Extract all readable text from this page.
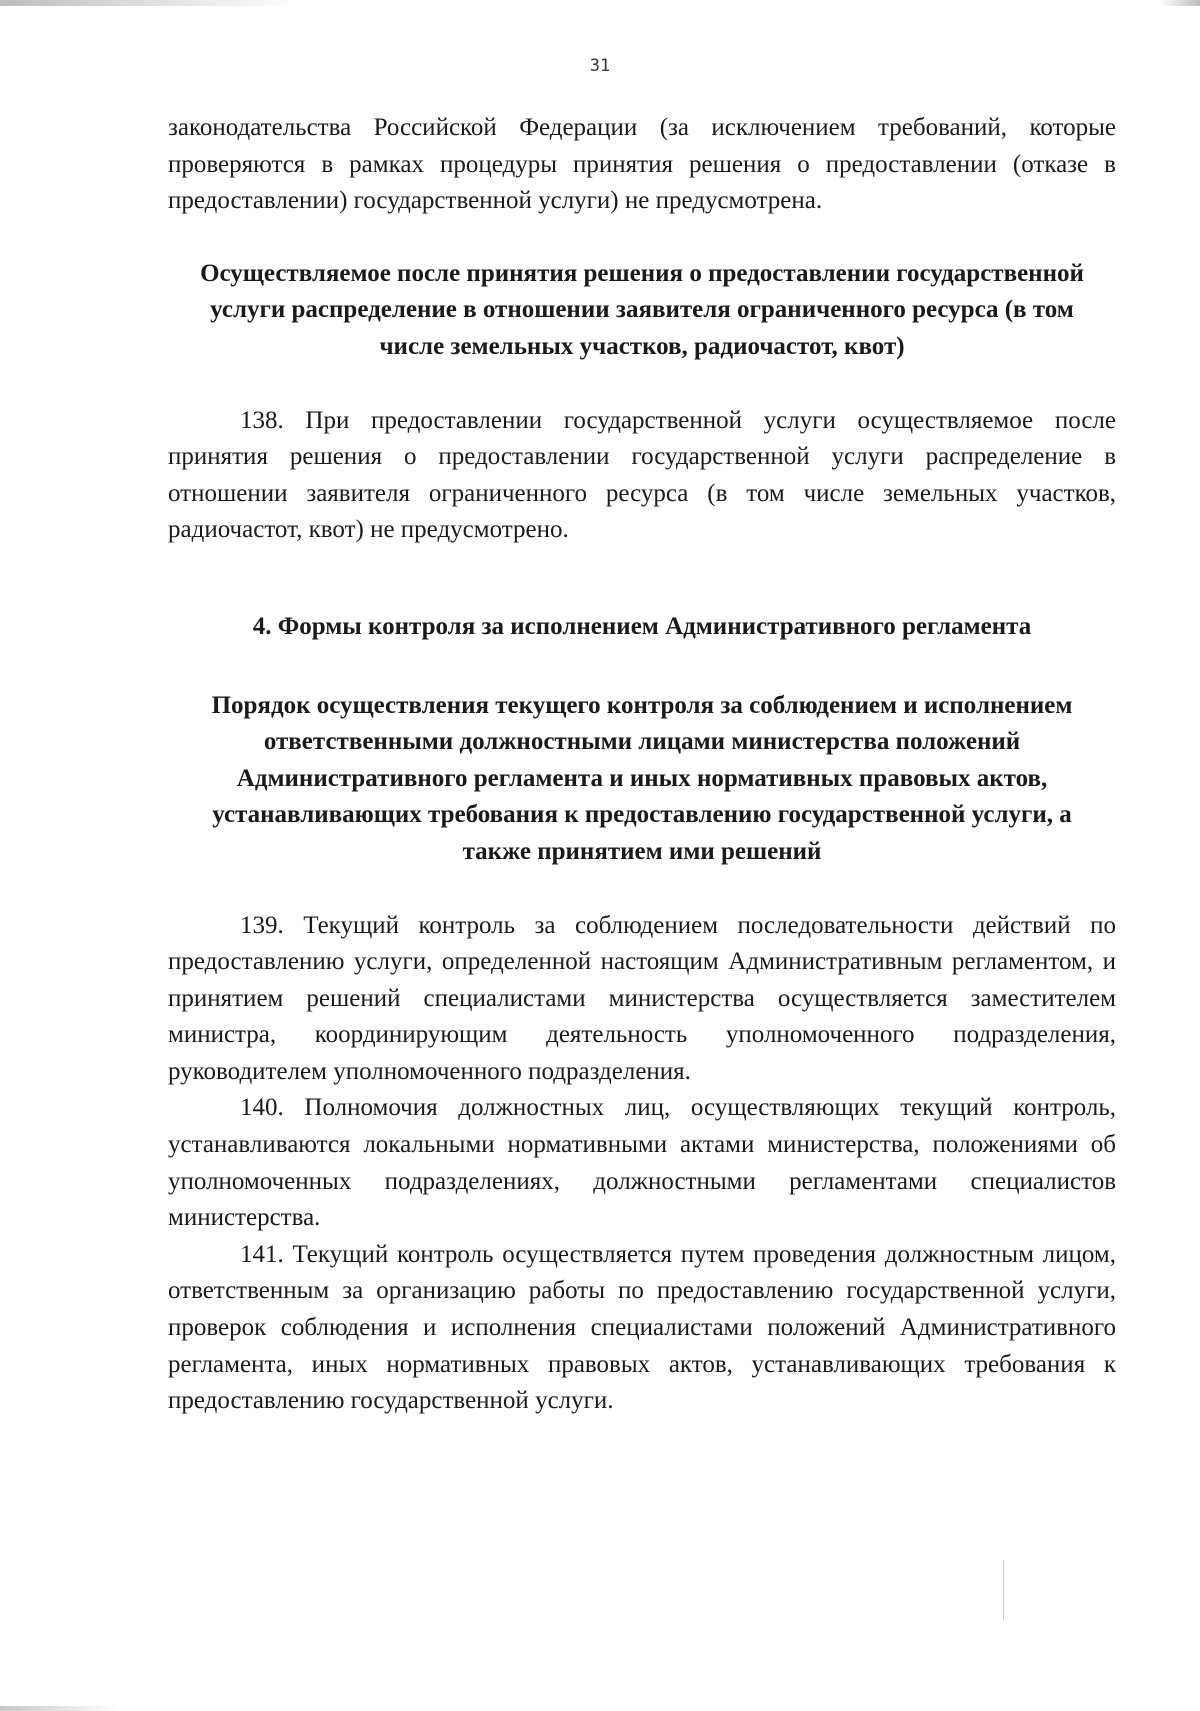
31

законодательства Российской Федерации (за исключением требований, которые проверяются в рамках процедуры принятия решения о предоставлении (отказе в предоставлении) государственной услуги) не предусмотрена.

Осуществляемое после принятия решения о предоставлении государственной услуги распределение в отношении заявителя ограниченного ресурса (в том числе земельных участков, радиочастот, квот)

138. При предоставлении государственной услуги осуществляемое после принятия решения о предоставлении государственной услуги распределение в отношении заявителя ограниченного ресурса (в том числе земельных участков, радиочастот, квот) не предусмотрено.

4. Формы контроля за исполнением Административного регламента
Порядок осуществления текущего контроля за соблюдением и исполнением ответственными должностными лицами министерства положений Административного регламента и иных нормативных правовых актов, устанавливающих требования к предоставлению государственной услуги, а также принятием ими решений

139. Текущий контроль за соблюдением последовательности действий по предоставлению услуги, определенной настоящим Административным регламентом, и принятием решений специалистами министерства осуществляется заместителем министра, координирующим деятельность уполномоченного подразделения, руководителем уполномоченного подразделения.

140. Полномочия должностных лиц, осуществляющих текущий контроль, устанавливаются локальными нормативными актами министерства, положениями об уполномоченных подразделениях, должностными регламентами специалистов министерства.

141. Текущий контроль осуществляется путем проведения должностным лицом, ответственным за организацию работы по предоставлению государственной услуги, проверок соблюдения и исполнения специалистами положений Административного регламента, иных нормативных правовых актов, устанавливающих требования к предоставлению государственной услуги.
